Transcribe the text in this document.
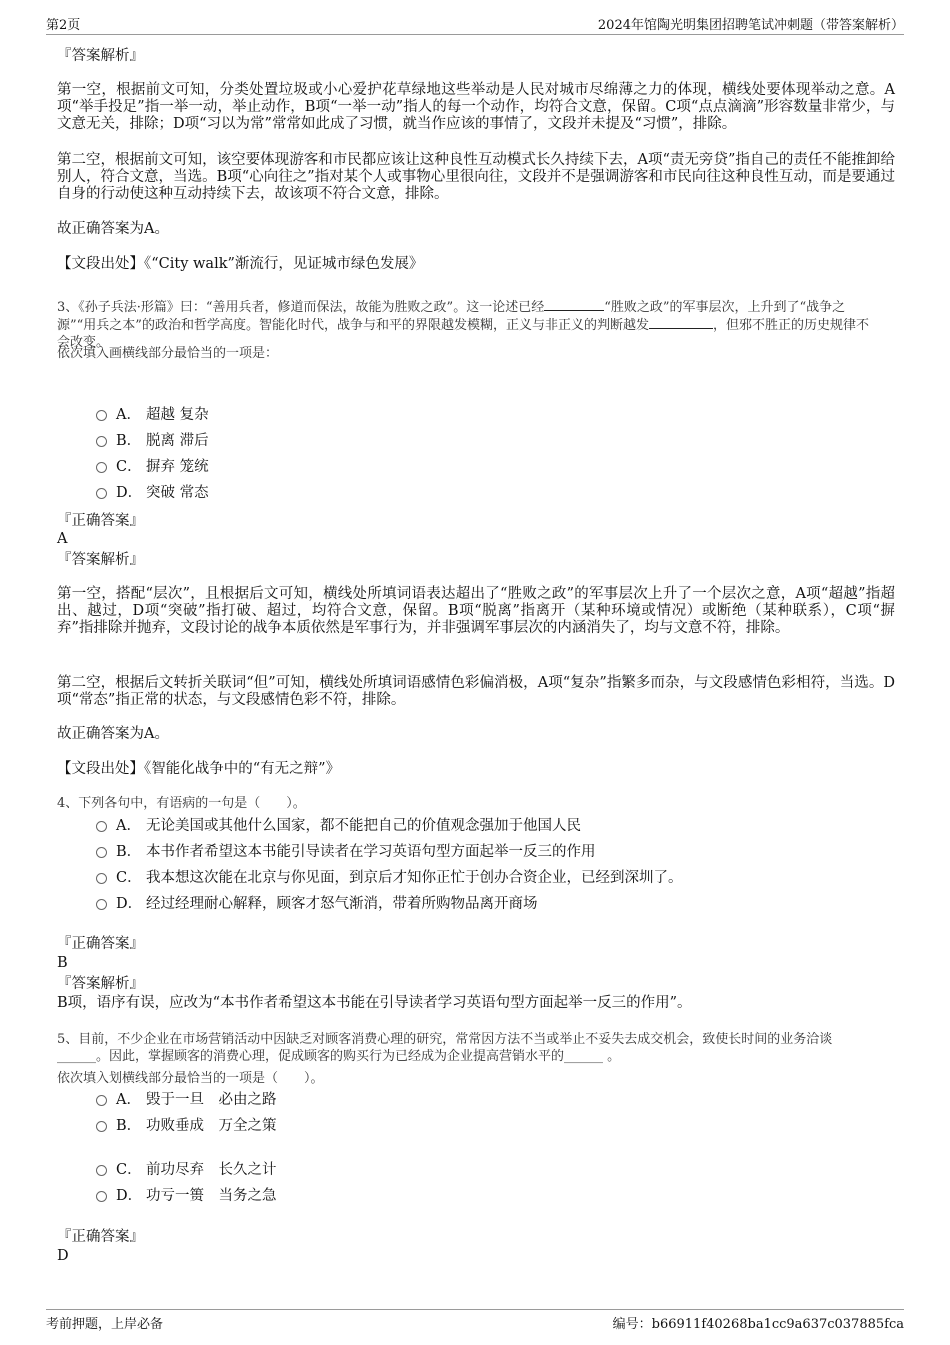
第2页	2024年馆陶光明集团招聘笔试冲刺题（带答案解析）
『答案解析』

第一空，根据前文可知，分类处置垃圾或小心爱护花草绿地这些举动是人民对城市尽绵薄之力的体现，横线处要体现举动之意。A项“举手投足”指一举一动，举止动作，B项“一举一动”指人的每一个动作，均符合文意，保留。C项“点点滴滴”形容数量非常少，与文意无关，排除；D项“习以为常”常常如此成了习惯，就当作应该的事情了，文段并未提及“习惯”，排除。

第二空，根据前文可知，该空要体现游客和市民都应该让这种良性互动模式长久持续下去，A项“责无旁贷”指自己的责任不能推卸给别人，符合文意，当选。B项“心向往之”指对某个人或事物心里很向往，文段并不是强调游客和市民向往这种良性互动，而是要通过自身的行动使这种互动持续下去，故该项不符合文意，排除。

故正确答案为A。
【文段出处】《“City walk”渐流行，见证城市绿色发展》

3、《孙子兵法·形篇》曰：“善用兵者，修道而保法，故能为胜败之政”。这一论述已经	“胜败之政”的军事层次，上升到了“战争之
源”“用兵之本”的政治和哲学高度。智能化时代，战争与和平的界限越发模糊，正义与非正义的判断越发	，但邪不胜正的历史规律不
会改变。

依次填入画横线部分最恰当的一项是：
A． 超越 复杂
B． 脱离 滞后
C． 摒弃 笼统
D． 突破 常态
『正确答案』
A
『答案解析』

第一空，搭配“层次”，且根据后文可知，横线处所填词语表达超出了“胜败之政”的军事层次上升了一个层次之意，A项“超越”指超出、越过，D项“突破”指打破、超过，均符合文意，保留。B项“脱离”指离开（某种环境或情况）或断绝（某种联系），C项“摒弃”指排除并抛弃，文段讨论的战争本质依然是军事行为，并非强调军事层次的内涵消失了，均与文意不符，排除。

第二空，根据后文转折关联词“但”可知，横线处所填词语感情色彩偏消极，A项“复杂”指繁多而杂，与文段感情色彩相符，当选。D项“常态”指正常的状态，与文段感情色彩不符，排除。

故正确答案为A。
【文段出处】《智能化战争中的“有无之辩”》
4、下列各句中，有语病的一句是（　　）。
A． 无论美国或其他什么国家，都不能把自己的价值观念强加于他国人民
B． 本书作者希望这本书能引导读者在学习英语句型方面起举一反三的作用
C． 我本想这次能在北京与你见面，到京后才知你正忙于创办合资企业，已经到深圳了。
D． 经过经理耐心解释，顾客才怒气渐消，带着所购物品离开商场
『正确答案』
B
『答案解析』
B项，语序有误，应改为“本书作者希望这本书能在引导读者学习英语句型方面起举一反三的作用”。

5、目前，不少企业在市场营销活动中因缺乏对顾客消费心理的研究，常常因方法不当或举止不妥失去成交机会，致使长时间的业务洽谈
______。因此，掌握顾客的消费心理，促成顾客的购买行为已经成为企业提高营销水平的______ 。

依次填入划横线部分最恰当的一项是（　　）。
A． 毁于一旦　必由之路
B． 功败垂成　万全之策
C． 前功尽弃　长久之计
D． 功亏一篑　当务之急
『正确答案』
D
考前押题，上岸必备	编号：b66911f40268ba1cc9a637c037885fca
